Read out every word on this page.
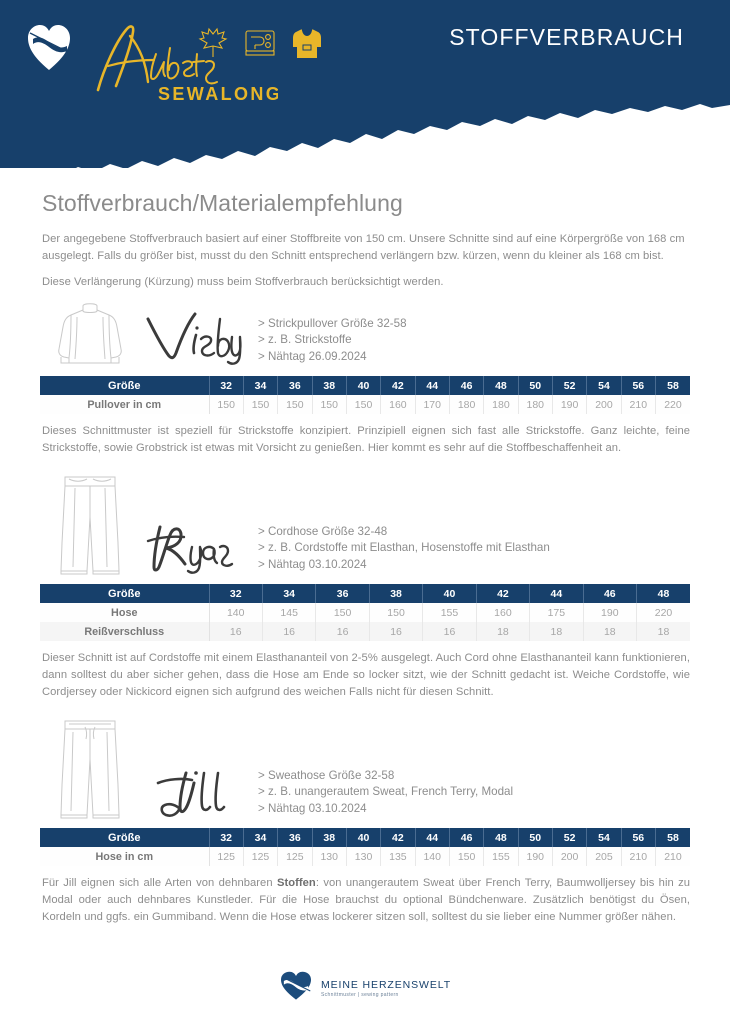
SEWALONG
STOFFVERBRAUCH
Stoffverbrauch/Materialempfehlung

Der angegebene Stoffverbrauch basiert auf einer Stoffbreite von 150 cm. Unsere Schnitte sind auf eine Körpergröße von 168 cm ausgelegt. Falls du größer bist, musst du den Schnitt entsprechend verlängern bzw. kürzen, wenn du kleiner als 168 cm bist.

Diese Verlängerung (Kürzung) muss beim Stoffverbrauch berücksichtigt werden.

> Strickpullover Größe 32-58
> z. B. Strickstoffe
> Nähtag 26.09.2024
Größe	32	34	36	38	40	42	44	46	48	50	52	54	56	58
Pullover in cm	150	150	150	150	150	160	170	180	180	180	190	200	210	220

Dieses Schnittmuster ist speziell für Strickstoffe konzipiert. Prinzipiell eignen sich fast alle Strickstoffe. Ganz leichte, feine Strickstoffe, sowie Grobstrick ist etwas mit Vorsicht zu genießen. Hier kommt es sehr auf die Stoffbeschaffenheit an.

> Cordhose Größe 32-48
> z. B. Cordstoffe mit Elasthan, Hosenstoffe mit Elasthan
> Nähtag 03.10.2024
Größe	32	34	36	38	40	42	44	46	48
Hose	140	145	150	150	155	160	175	190	220
Reißverschluss	16	16	16	16	16	18	18	18	18

Dieser Schnitt ist auf Cordstoffe mit einem Elasthananteil von 2-5% ausgelegt. Auch Cord ohne Elasthananteil kann funktionieren, dann solltest du aber sicher gehen, dass die Hose am Ende so locker sitzt, wie der Schnitt gedacht ist. Weiche Cordstoffe, wie Cordjersey oder Nickicord eignen sich aufgrund des weichen Falls nicht für diesen Schnitt.

> Sweathose Größe 32-58
> z. B. unangerautem Sweat, French Terry, Modal
> Nähtag 03.10.2024
Größe	32	34	36	38	40	42	44	46	48	50	52	54	56	58
Hose in cm	125	125	125	130	130	135	140	150	155	190	200	205	210	210

Für Jill eignen sich alle Arten von dehnbaren Stoffen: von unangerautem Sweat über French Terry, Baumwolljersey bis hin zu Modal oder auch dehnbares Kunstleder. Für die Hose brauchst du optional Bündchenware. Zusätzlich benötigst du Ösen, Kordeln und ggfs. ein Gummiband. Wenn die Hose etwas lockerer sitzen soll, solltest du sie lieber eine Nummer größer nähen.

MEINE HERZENSWELT
Schnittmuster | sewing pattern
